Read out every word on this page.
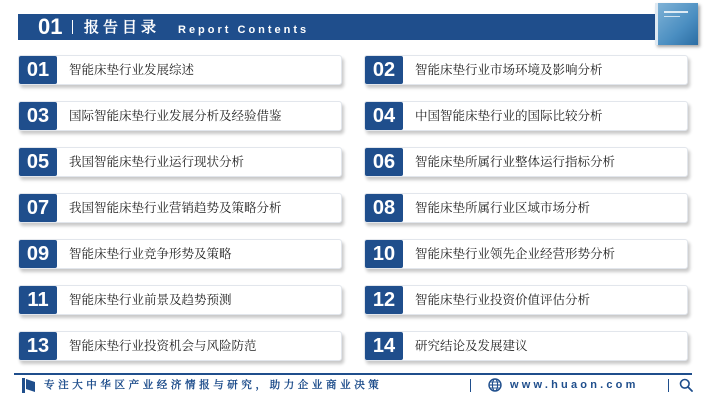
01 报告目录 Report Contents
01	智能床垫行业发展综述	02	智能床垫行业市场环境及影响分析
03	国际智能床垫行业发展分析及经验借鉴	04	中国智能床垫行业的国际比较分析
05	我国智能床垫行业运行现状分析	06	智能床垫所属行业整体运行指标分析
07	我国智能床垫行业营销趋势及策略分析	08	智能床垫所属行业区域市场分析
09	智能床垫行业竞争形势及策略	10	智能床垫行业领先企业经营形势分析
11	智能床垫行业前景及趋势预测	12	智能床垫行业投资价值评估分析
13	智能床垫行业投资机会与风险防范	14	研究结论及发展建议
专注大中华区产业经济情报与研究，助力企业商业决策	www.huaon.com
